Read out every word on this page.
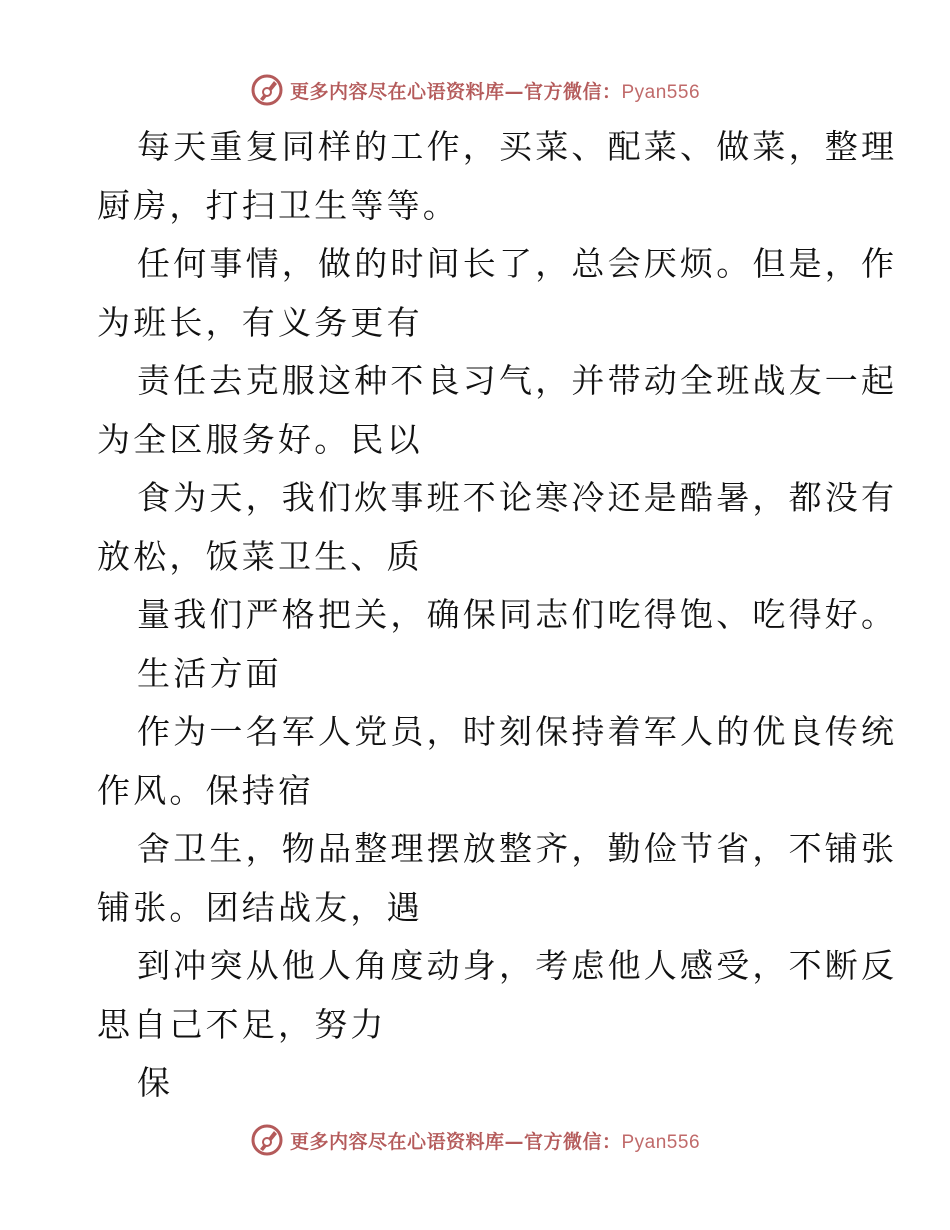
更多内容尽在心语资料库—官方微信：Pyan556
每天重复同样的工作，买菜、配菜、做菜，整理
厨房，打扫卫生等等。
任何事情，做的时间长了，总会厌烦。但是，作
为班长，有义务更有
责任去克服这种不良习气，并带动全班战友一起
为全区服务好。民以
食为天，我们炊事班不论寒冷还是酷暑，都没有
放松，饭菜卫生、质
量我们严格把关，确保同志们吃得饱、吃得好。
生活方面
作为一名军人党员，时刻保持着军人的优良传统
作风。保持宿
舍卫生，物品整理摆放整齐，勤俭节省，不铺张
铺张。团结战友，遇
到冲突从他人角度动身，考虑他人感受，不断反
思自己不足，努力
保
更多内容尽在心语资料库—官方微信：Pyan556
